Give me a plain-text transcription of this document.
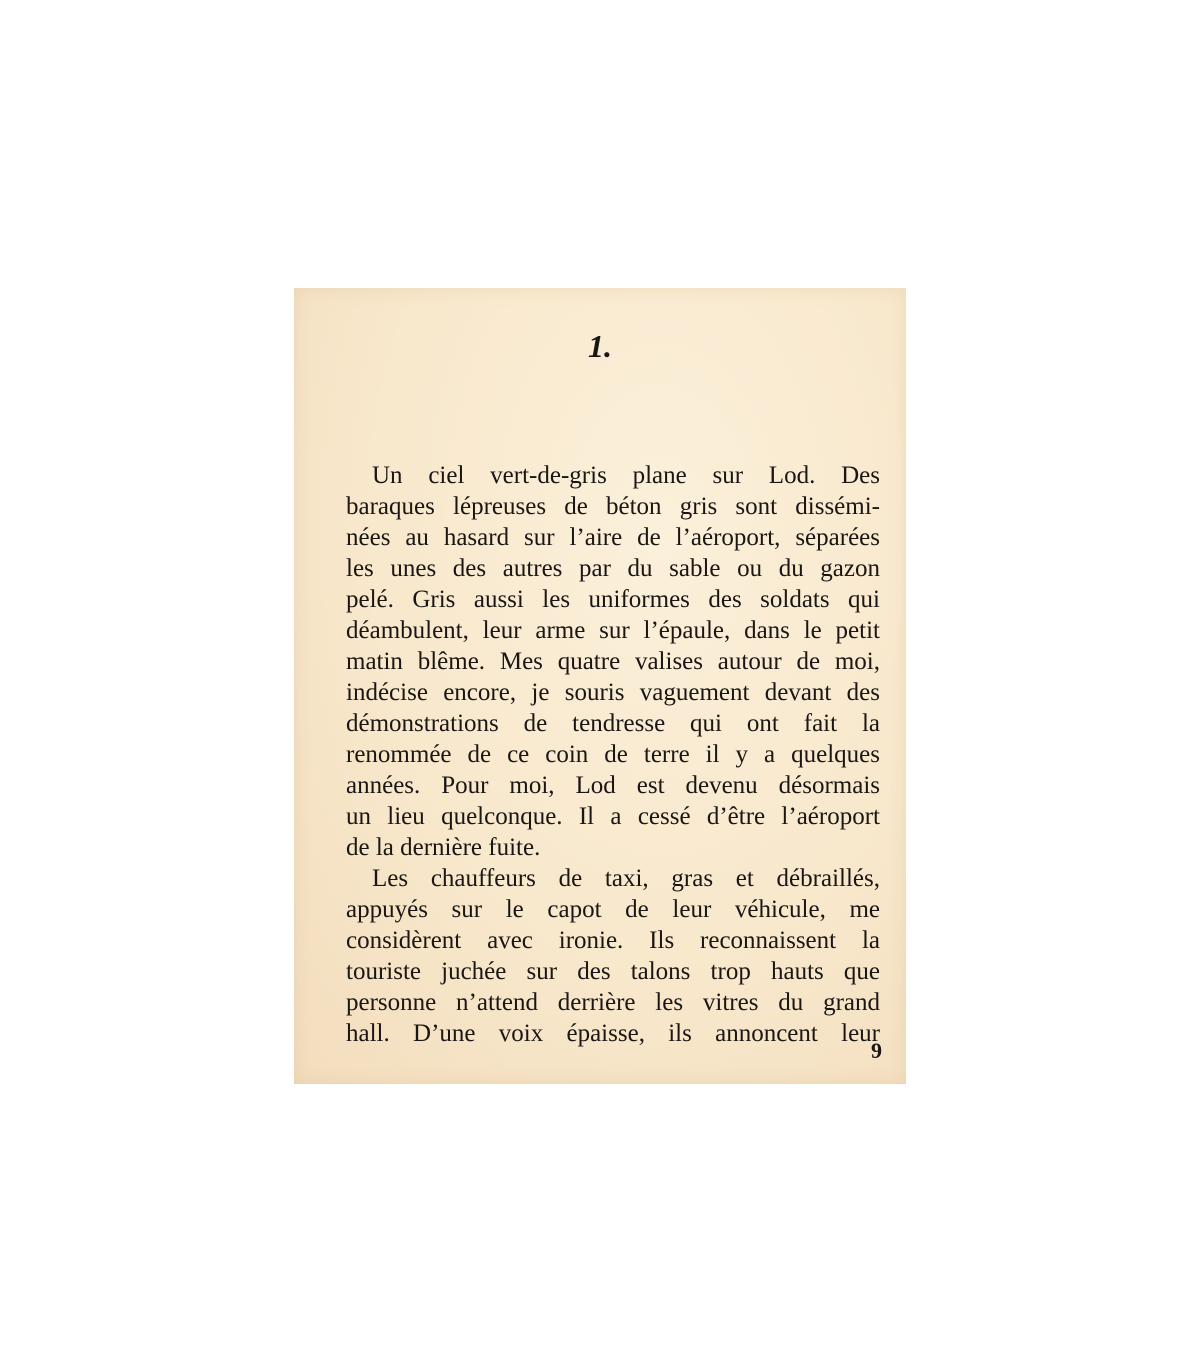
1.
Un ciel vert-de-gris plane sur Lod. Des
baraques lépreuses de béton gris sont dissémi-
nées au hasard sur l’aire de l’aéroport, séparées
les unes des autres par du sable ou du gazon
pelé. Gris aussi les uniformes des soldats qui
déambulent, leur arme sur l’épaule, dans le petit
matin blême. Mes quatre valises autour de moi,
indécise encore, je souris vaguement devant des
démonstrations de tendresse qui ont fait la
renommée de ce coin de terre il y a quelques
années. Pour moi, Lod est devenu désormais
un lieu quelconque. Il a cessé d’être l’aéroport
de la dernière fuite.
Les chauffeurs de taxi, gras et débraillés,
appuyés sur le capot de leur véhicule, me
considèrent avec ironie. Ils reconnaissent la
touriste juchée sur des talons trop hauts que
personne n’attend derrière les vitres du grand
hall. D’une voix épaisse, ils annoncent leur

9
